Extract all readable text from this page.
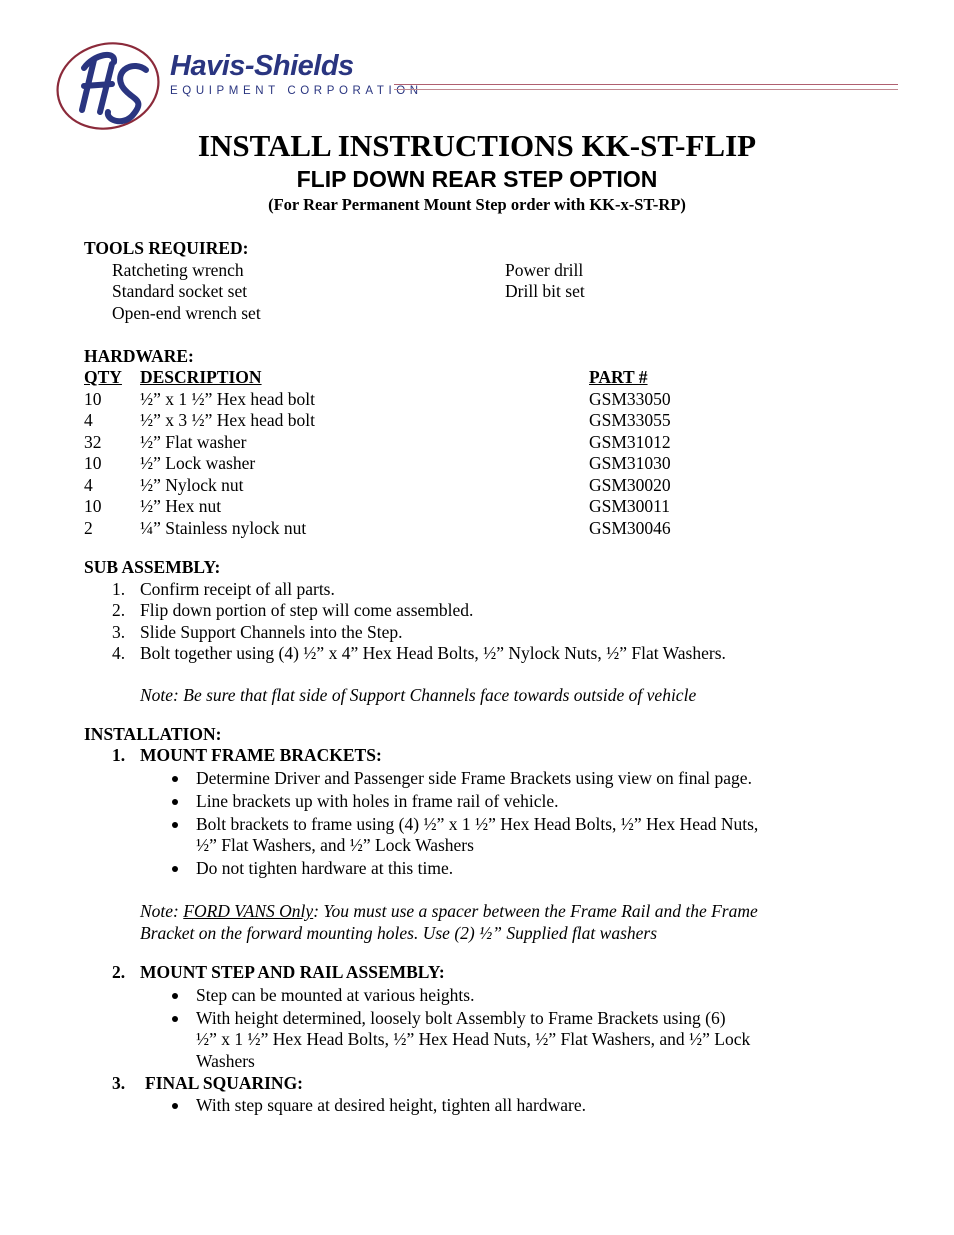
Havis-Shields
EQUIPMENT CORPORATION
INSTALL INSTRUCTIONS KK-ST-FLIP
FLIP DOWN REAR STEP OPTION
(For Rear Permanent Mount Step order with KK-x-ST-RP)
TOOLS REQUIRED:
Ratcheting wrench
Standard socket set
Open-end wrench set
Power drill
Drill bit set
HARDWARE:
QTY DESCRIPTION	PART #
10 ½” x 1 ½” Hex head bolt	GSM33050
4	½” x 3 ½” Hex head bolt	GSM33055
32 ½” Flat washer	GSM31012
10 ½” Lock washer	GSM31030
4	½” Nylock nut	GSM30020
10 ½” Hex nut	GSM30011
2	¼” Stainless nylock nut	GSM30046
SUB ASSEMBLY:
1. Confirm receipt of all parts.
2. Flip down portion of step will come assembled.
3. Slide Support Channels into the Step.
4. Bolt together using (4) ½” x 4” Hex Head Bolts, ½” Nylock Nuts, ½” Flat Washers.
Note: Be sure that flat side of Support Channels face towards outside of vehicle
INSTALLATION:
1. MOUNT FRAME BRACKETS:
Determine Driver and Passenger side Frame Brackets using view on final page.
Line brackets up with holes in frame rail of vehicle.
Bolt brackets to frame using (4) ½” x 1 ½” Hex Head Bolts, ½” Hex Head Nuts,
½” Flat Washers, and ½” Lock Washers
Do not tighten hardware at this time.
Note: FORD VANS Only: You must use a spacer between the Frame Rail and the Frame
Bracket on the forward mounting holes. Use (2) ½” Supplied flat washers
2. MOUNT STEP AND RAIL ASSEMBLY:
Step can be mounted at various heights.
With height determined, loosely bolt Assembly to Frame Brackets using (6)
½” x 1 ½” Hex Head Bolts, ½” Hex Head Nuts, ½” Flat Washers, and ½” Lock
Washers
3. FINAL SQUARING:
With step square at desired height, tighten all hardware.
